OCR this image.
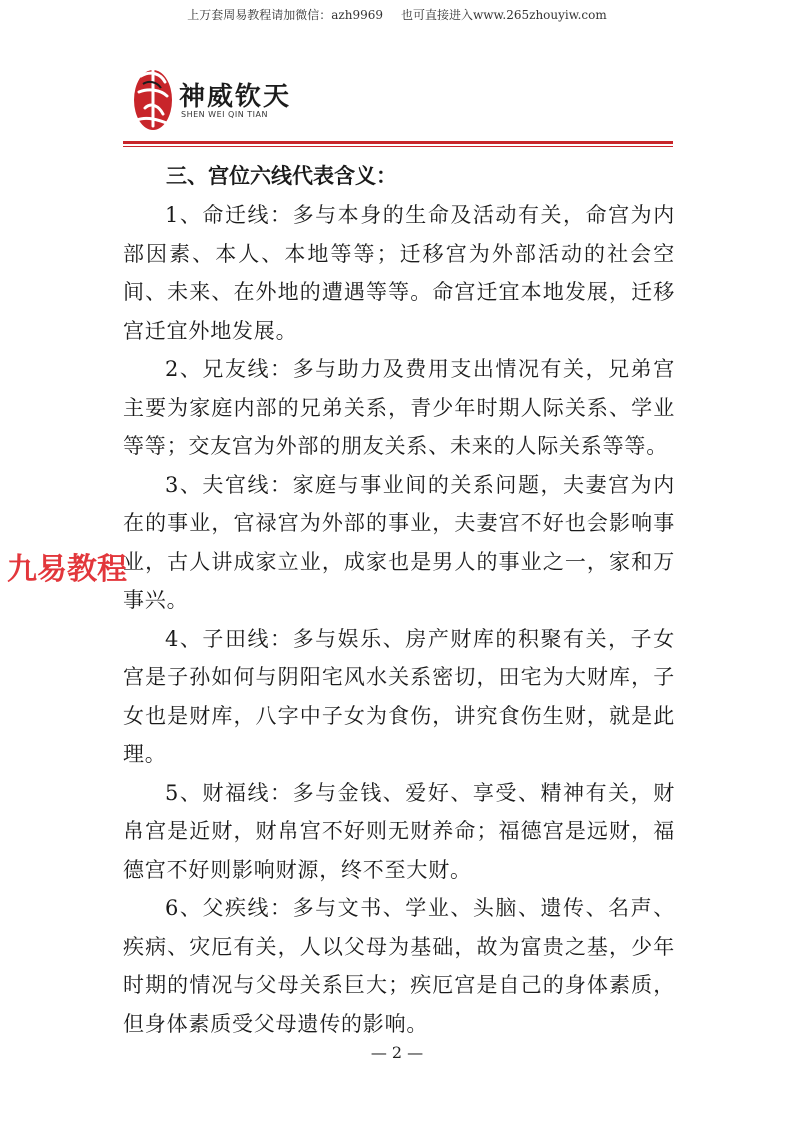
上万套周易教程请加微信：azh9969 也可直接进入www.265zhouyiw.com
神威钦天
SHEN WEI QIN TIAN
三、宫位六线代表含义：

1、命迁线：多与本身的生命及活动有关，命宫为内部因素、本人、本地等等；迁移宫为外部活动的社会空间、未来、在外地的遭遇等等。命宫迁宜本地发展，迁移宫迁宜外地发展。

2、兄友线：多与助力及费用支出情况有关，兄弟宫主要为家庭内部的兄弟关系，青少年时期人际关系、学业等等；交友宫为外部的朋友关系、未来的人际关系等等。

3、夫官线：家庭与事业间的关系问题，夫妻宫为内在的事业，官禄宫为外部的事业，夫妻宫不好也会影响事业，古人讲成家立业，成家也是男人的事业之一，家和万事兴。

4、子田线：多与娱乐、房产财库的积聚有关，子女宫是子孙如何与阴阳宅风水关系密切，田宅为大财库，子女也是财库，八字中子女为食伤，讲究食伤生财，就是此理。

5、财福线：多与金钱、爱好、享受、精神有关，财帛宫是近财，财帛宫不好则无财养命；福德宫是远财，福德宫不好则影响财源，终不至大财。

6、父疾线：多与文书、学业、头脑、遗传、名声、疾病、灾厄有关，人以父母为基础，故为富贵之基，少年时期的情况与父母关系巨大；疾厄宫是自己的身体素质，但身体素质受父母遗传的影响。

九易教程
— 2 —
